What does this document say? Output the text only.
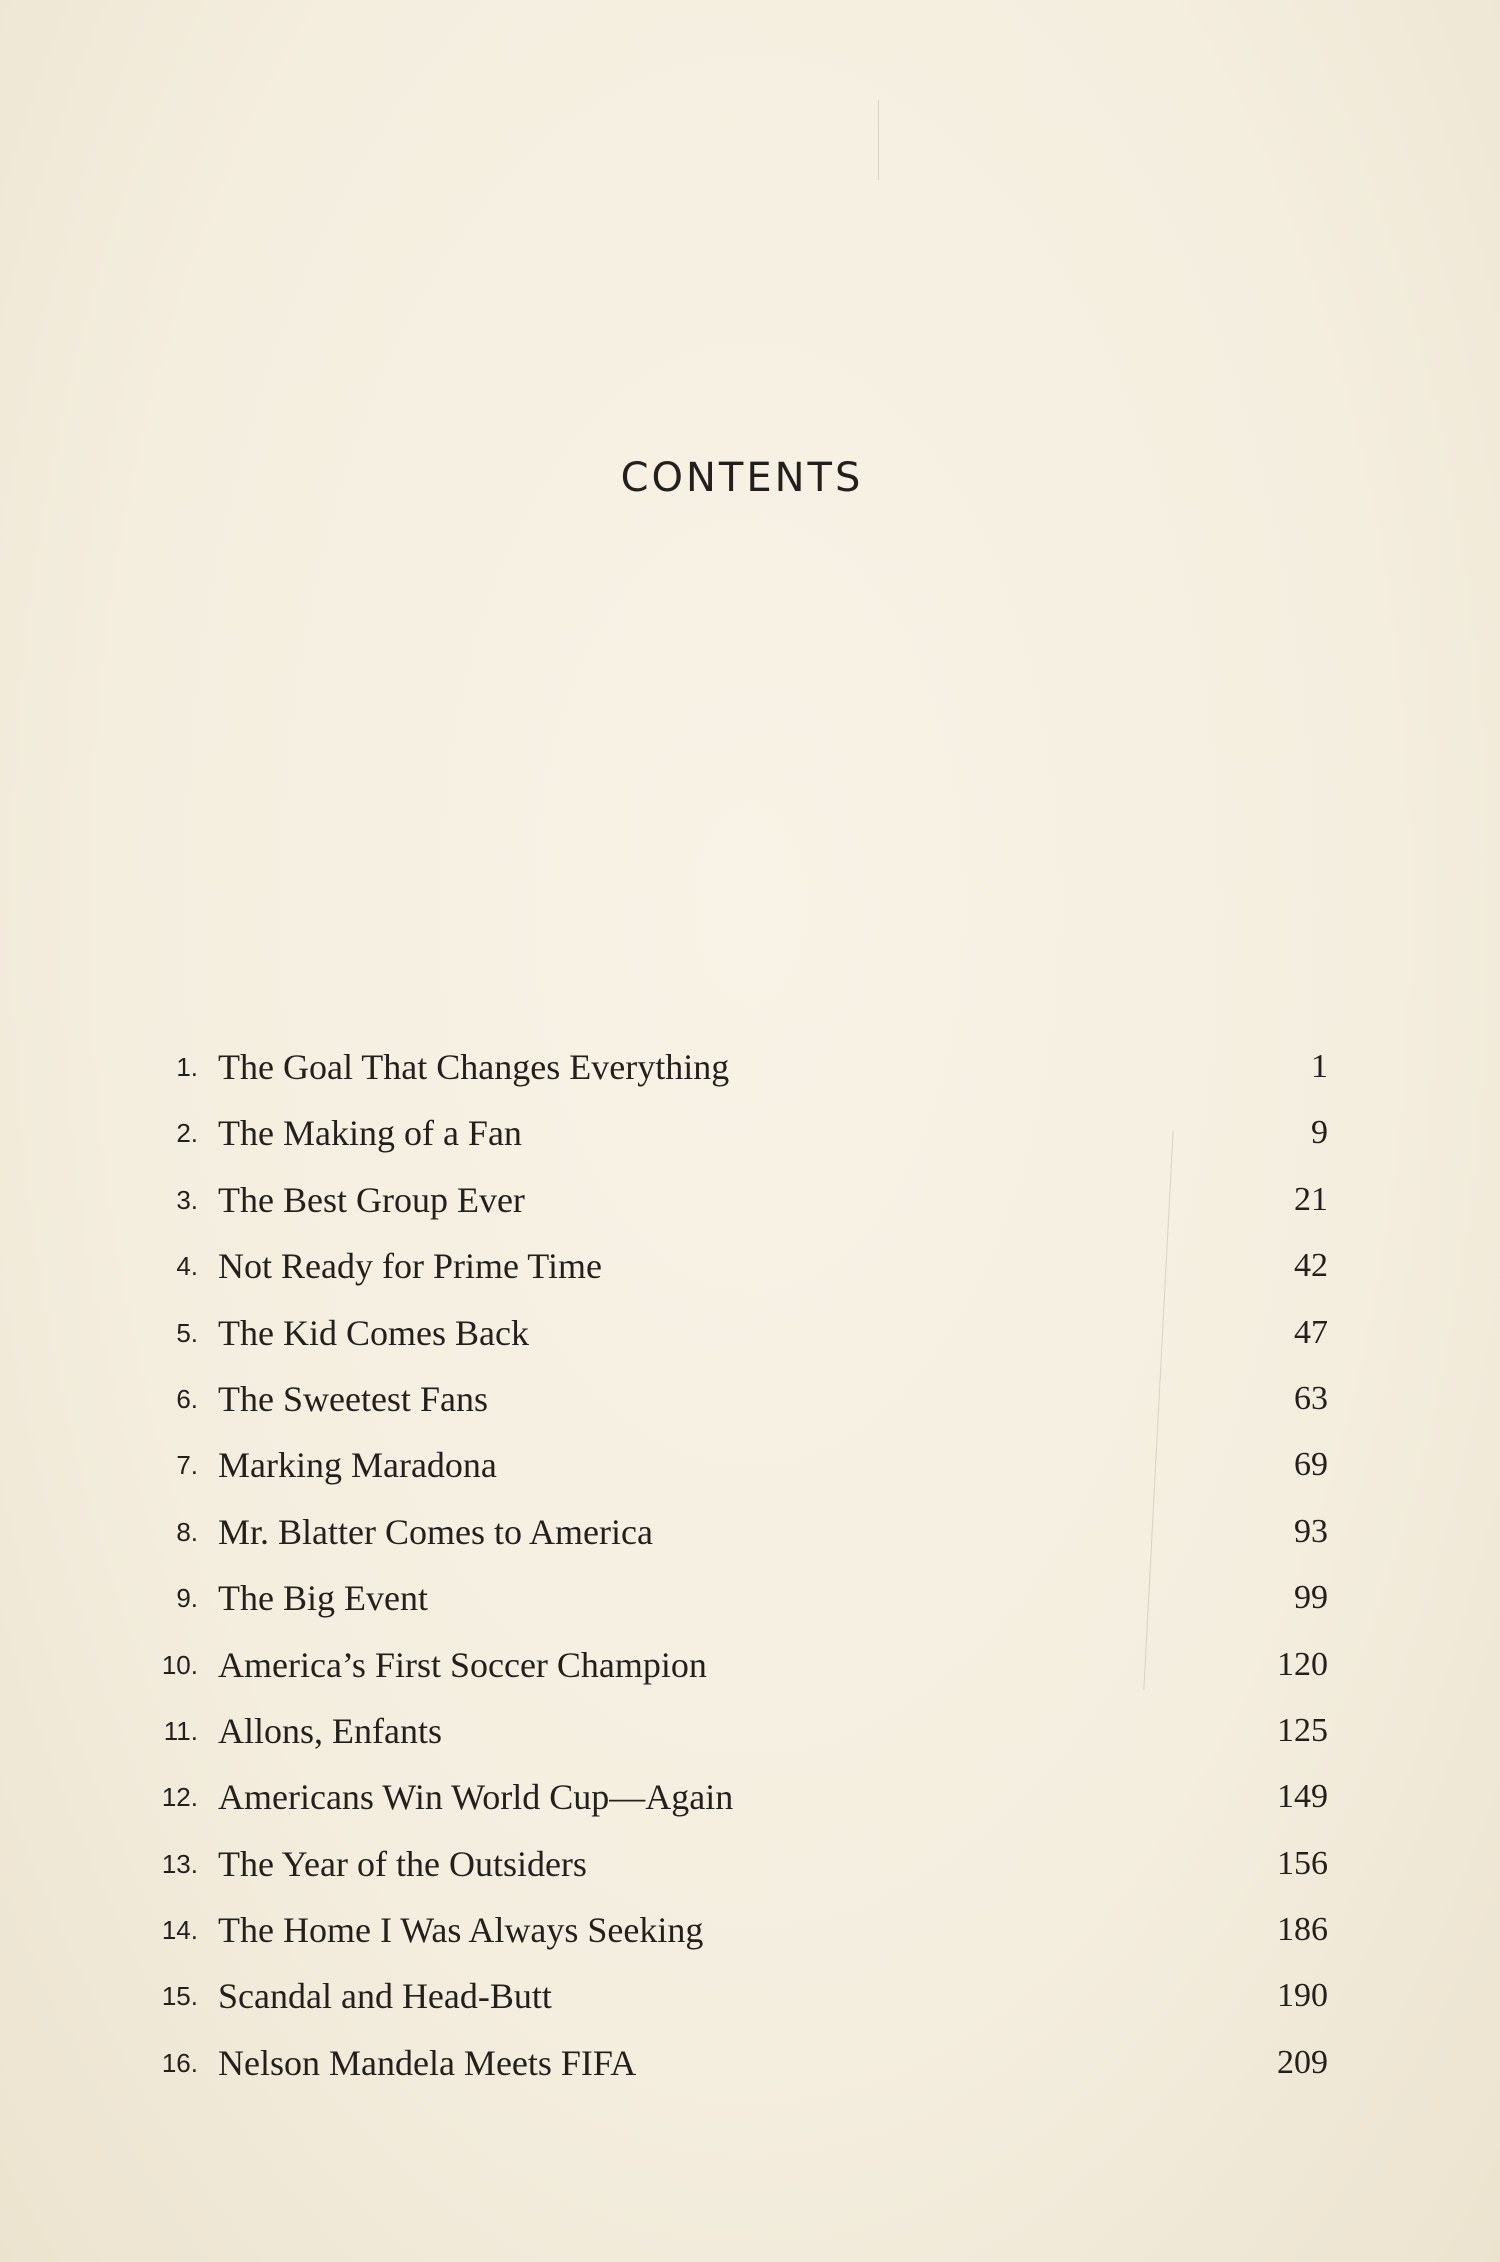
CONTENTS
1. The Goal That Changes Everything	1
2. The Making of a Fan	9
3. The Best Group Ever	21
4. Not Ready for Prime Time	42
5. The Kid Comes Back	47
6. The Sweetest Fans	63
7. Marking Maradona	69
8. Mr. Blatter Comes to America	93
9. The Big Event	99
10. America’s First Soccer Champion	120
11. Allons, Enfants	125
12. Americans Win World Cup—Again	149
13. The Year of the Outsiders	156
14. The Home I Was Always Seeking	186
15. Scandal and Head-Butt	190
16. Nelson Mandela Meets FIFA	209
